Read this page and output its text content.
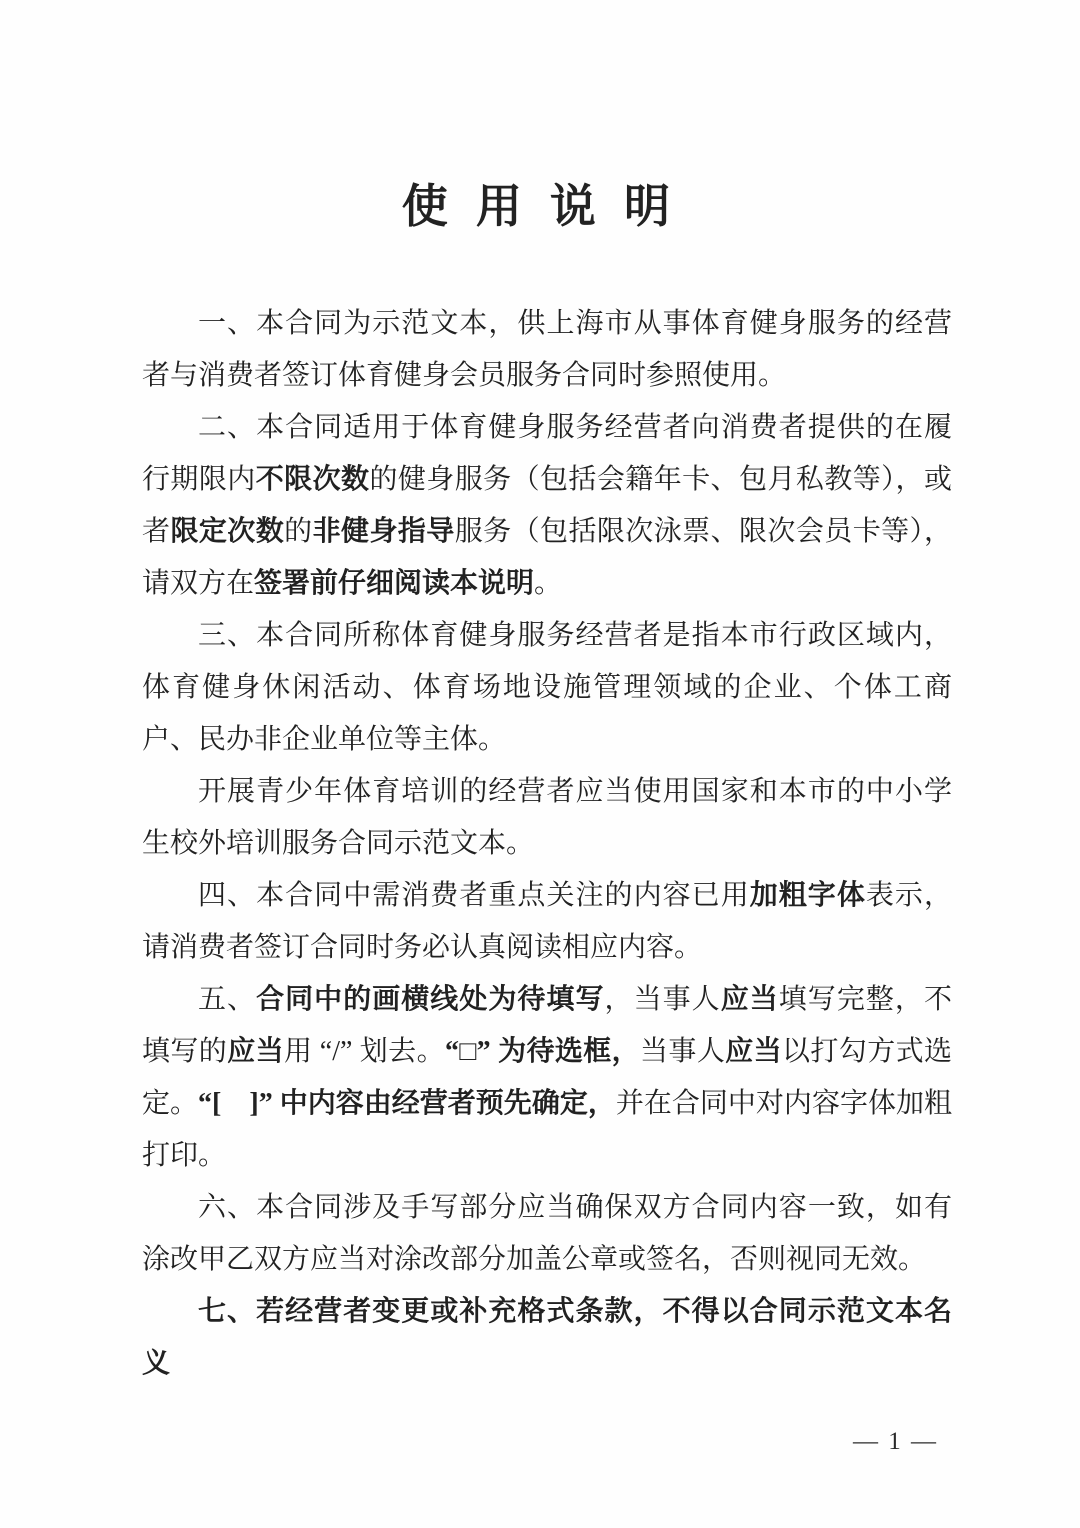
使 用 说 明

一、本合同为示范文本，供上海市从事体育健身服务的经营者与消费者签订体育健身会员服务合同时参照使用。

二、本合同适用于体育健身服务经营者向消费者提供的在履行期限内不限次数的健身服务（包括会籍年卡、包月私教等），或者限定次数的非健身指导服务（包括限次泳票、限次会员卡等），请双方在签署前仔细阅读本说明。

三、本合同所称体育健身服务经营者是指本市行政区域内，体育健身休闲活动、体育场地设施管理领域的企业、个体工商户、民办非企业单位等主体。

开展青少年体育培训的经营者应当使用国家和本市的中小学生校外培训服务合同示范文本。

四、本合同中需消费者重点关注的内容已用加粗字体表示，请消费者签订合同时务必认真阅读相应内容。

五、合同中的画横线处为待填写，当事人应当填写完整，不填写的应当用 “/” 划去。“□” 为待选框，当事人应当以打勾方式选定。“[　]” 中内容由经营者预先确定，并在合同中对内容字体加粗打印。

六、本合同涉及手写部分应当确保双方合同内容一致，如有涂改甲乙双方应当对涂改部分加盖公章或签名，否则视同无效。

七、若经营者变更或补充格式条款，不得以合同示范文本名义

— 1 —
